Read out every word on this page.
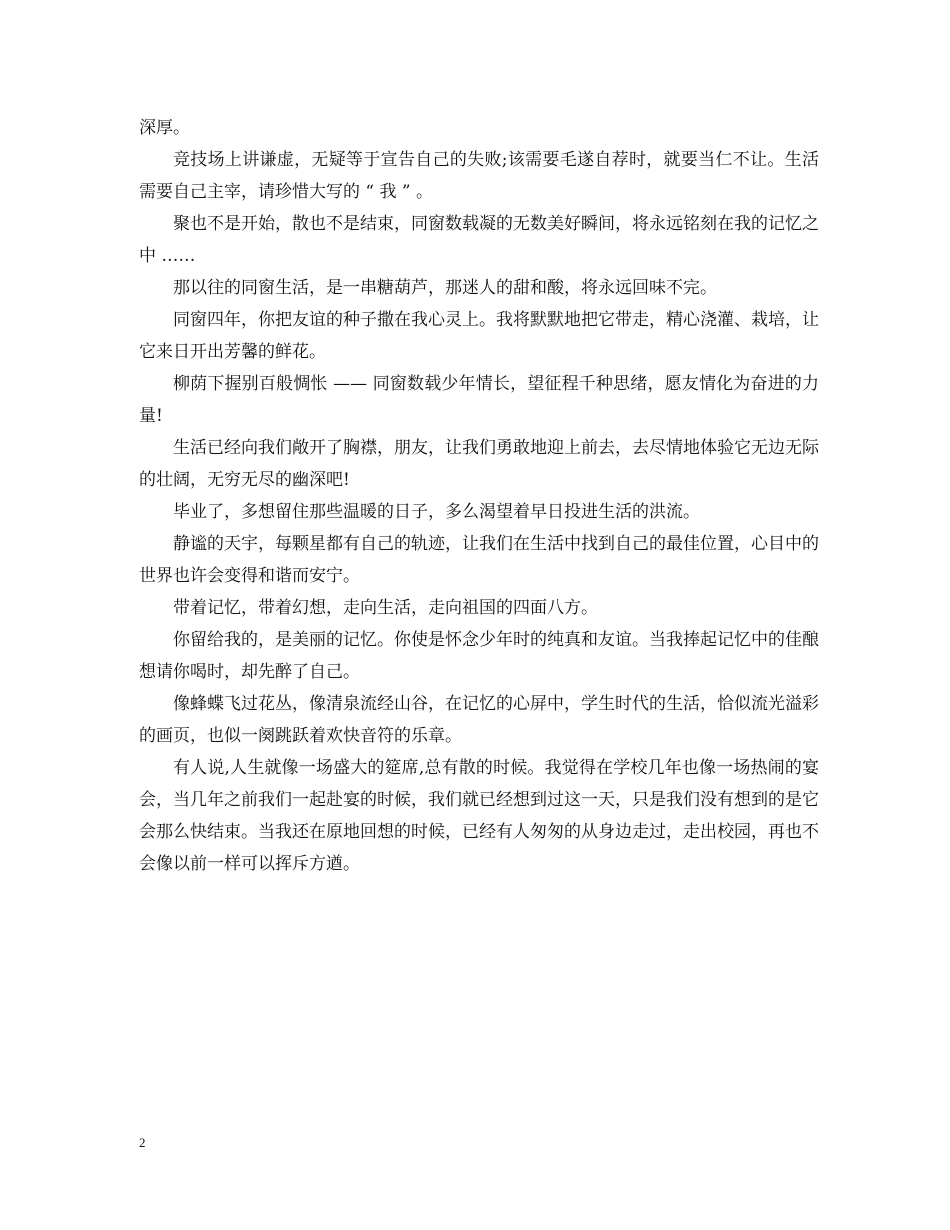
深厚。

竞技场上讲谦虚，无疑等于宣告自己的失败;该需要毛遂自荐时，就要当仁不让。生活需要自己主宰，请珍惜大写的 “ 我 ” 。

聚也不是开始，散也不是结束，同窗数载凝的无数美好瞬间，将永远铭刻在我的记忆之中 ……

那以往的同窗生活，是一串糖葫芦，那迷人的甜和酸，将永远回味不完。

同窗四年，你把友谊的种子撒在我心灵上。我将默默地把它带走，精心浇灌、栽培，让它来日开出芳馨的鲜花。

柳荫下握别百般惆怅 —— 同窗数载少年情长，望征程千种思绪，愿友情化为奋进的力量!

生活已经向我们敞开了胸襟，朋友，让我们勇敢地迎上前去，去尽情地体验它无边无际的壮阔，无穷无尽的幽深吧!

毕业了，多想留住那些温暖的日子，多么渴望着早日投进生活的洪流。

静谧的天宇，每颗星都有自己的轨迹，让我们在生活中找到自己的最佳位置，心目中的世界也许会变得和谐而安宁。

带着记忆，带着幻想，走向生活，走向祖国的四面八方。

你留给我的，是美丽的记忆。你使是怀念少年时的纯真和友谊。当我捧起记忆中的佳酿想请你喝时，却先醉了自己。

像蜂蝶飞过花丛，像清泉流经山谷，在记忆的心屏中，学生时代的生活，恰似流光溢彩的画页，也似一阕跳跃着欢快音符的乐章。

有人说,人生就像一场盛大的筵席,总有散的时候。我觉得在学校几年也像一场热闹的宴会，当几年之前我们一起赴宴的时候，我们就已经想到过这一天，只是我们没有想到的是它会那么快结束。当我还在原地回想的时候，已经有人匆匆的从身边走过，走出校园，再也不会像以前一样可以挥斥方遒。

2
